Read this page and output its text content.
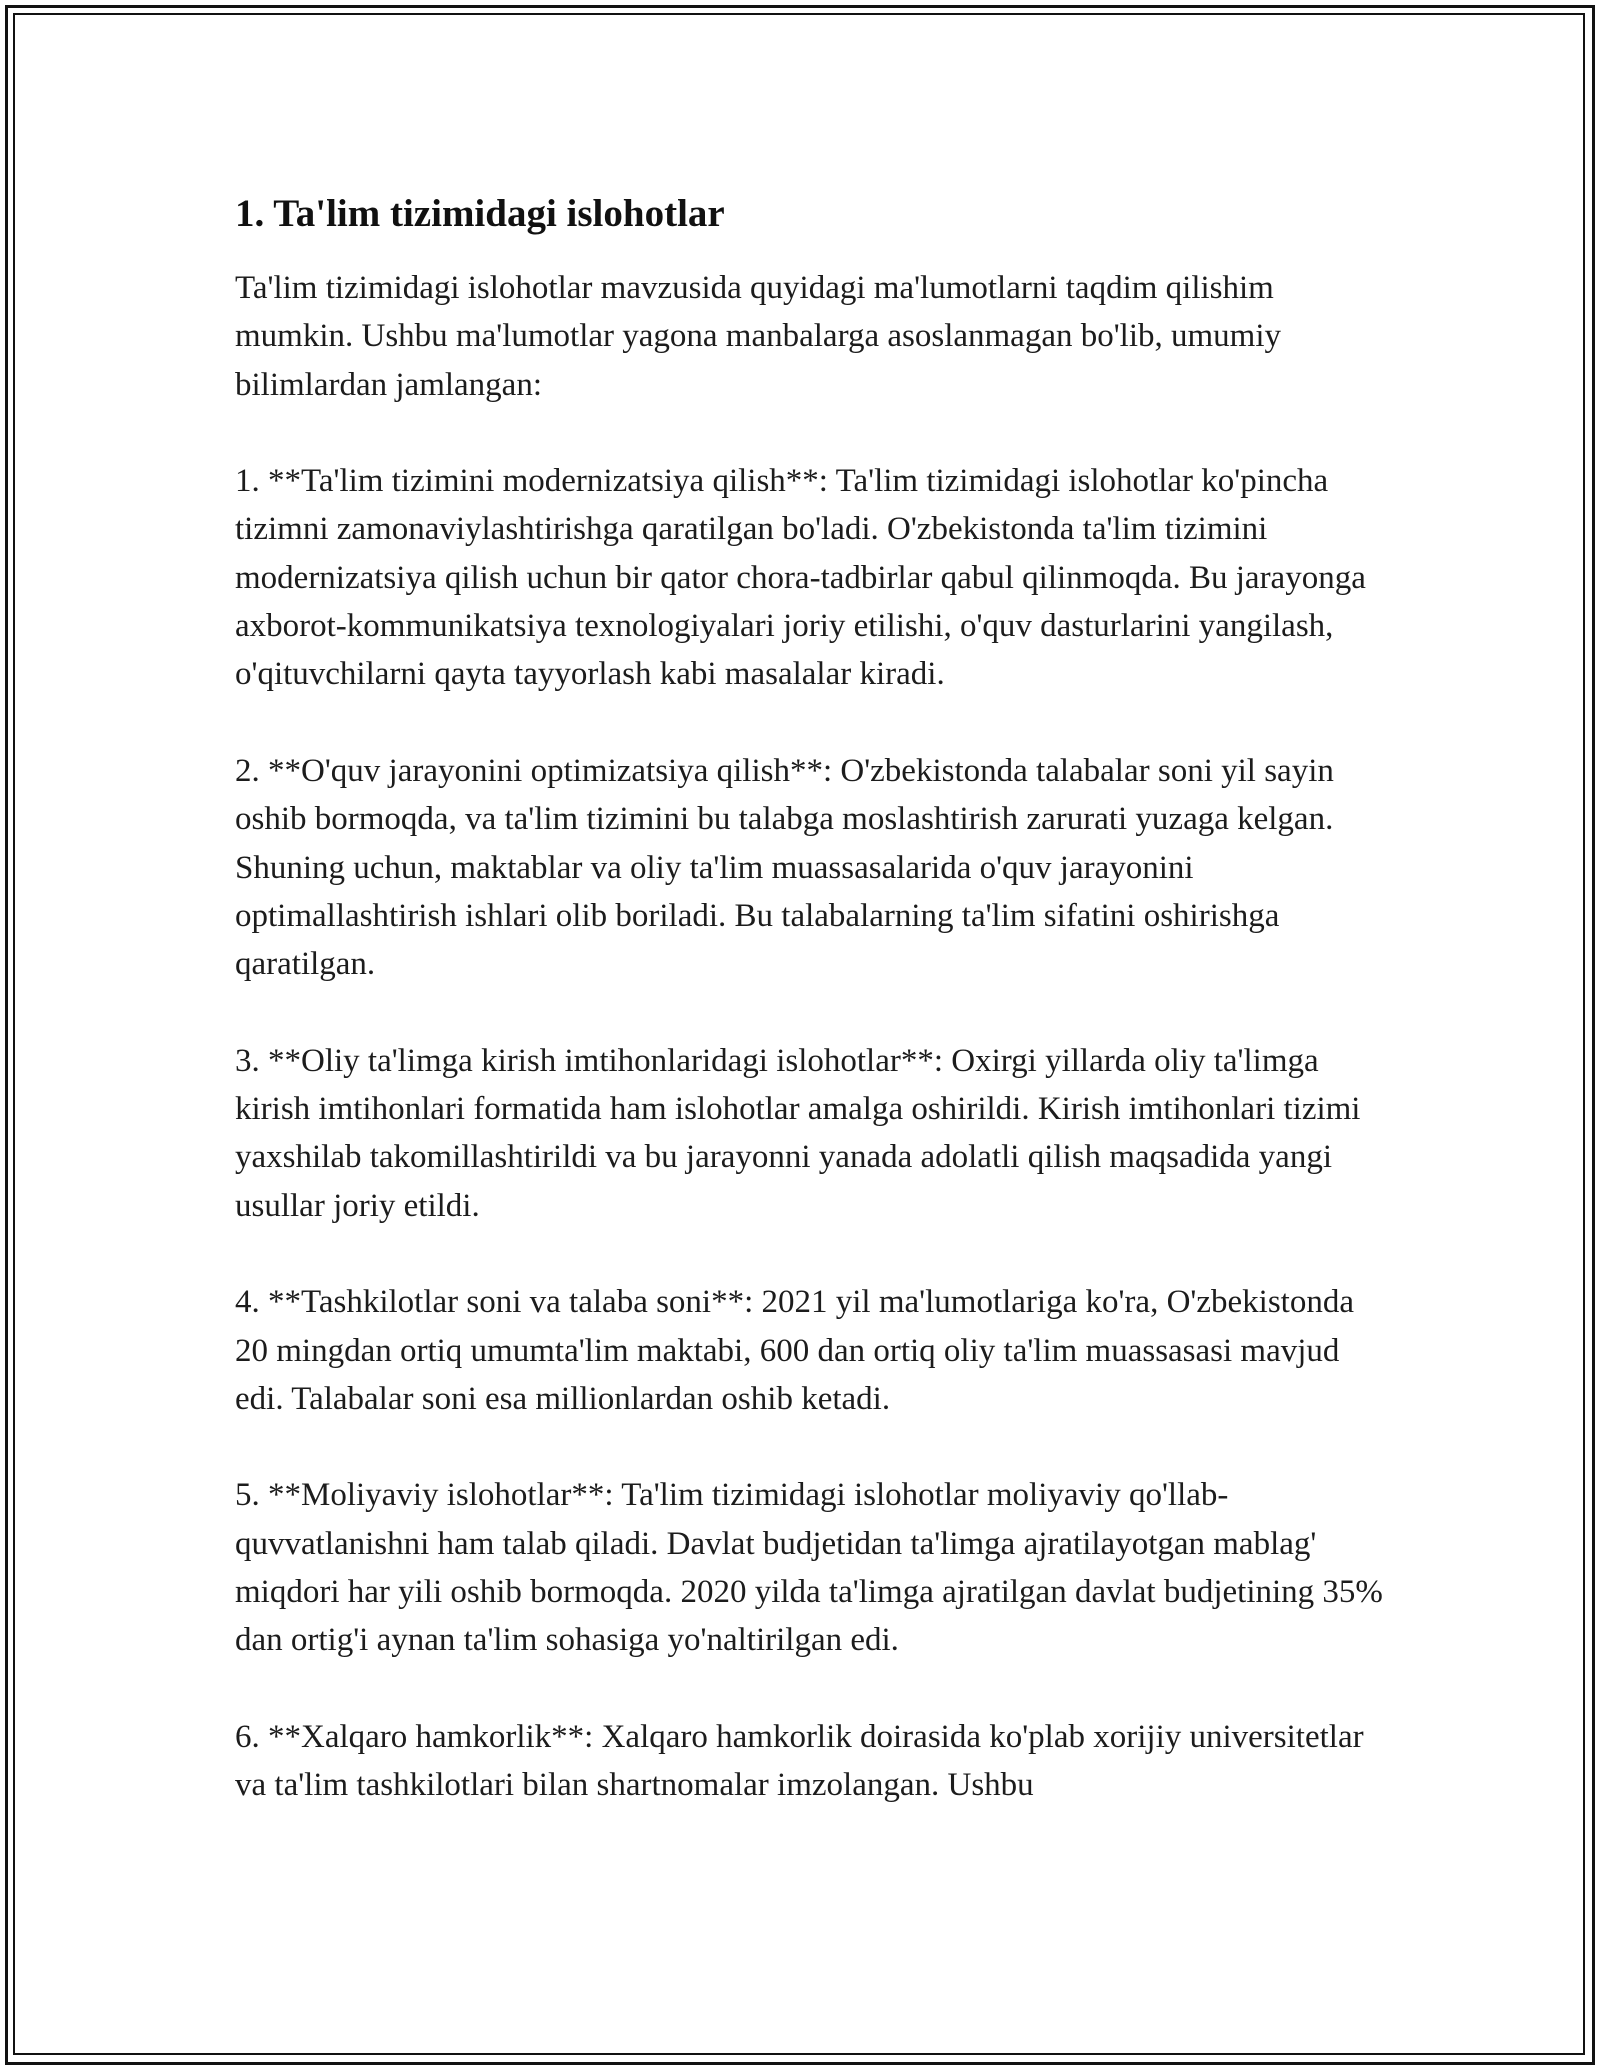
1. Ta'lim tizimidagi islohotlar

Ta'lim tizimidagi islohotlar mavzusida quyidagi ma'lumotlarni taqdim qilishim mumkin. Ushbu ma'lumotlar yagona manbalarga asoslanmagan bo'lib, umumiy bilimlardan jamlangan:

1. **Ta'lim tizimini modernizatsiya qilish**: Ta'lim tizimidagi islohotlar ko'pincha tizimni zamonaviylashtirishga qaratilgan bo'ladi. O'zbekistonda ta'lim tizimini modernizatsiya qilish uchun bir qator chora-tadbirlar qabul qilinmoqda. Bu jarayonga axborot-kommunikatsiya texnologiyalari joriy etilishi, o'quv dasturlarini yangilash, o'qituvchilarni qayta tayyorlash kabi masalalar kiradi.

2. **O'quv jarayonini optimizatsiya qilish**: O'zbekistonda talabalar soni yil sayin oshib bormoqda, va ta'lim tizimini bu talabga moslashtirish zarurati yuzaga kelgan. Shuning uchun, maktablar va oliy ta'lim muassasalarida o'quv jarayonini optimallashtirish ishlari olib boriladi. Bu talabalarning ta'lim sifatini oshirishga qaratilgan.

3. **Oliy ta'limga kirish imtihonlaridagi islohotlar**: Oxirgi yillarda oliy ta'limga kirish imtihonlari formatida ham islohotlar amalga oshirildi. Kirish imtihonlari tizimi yaxshilab takomillashtirildi va bu jarayonni yanada adolatli qilish maqsadida yangi usullar joriy etildi.

4. **Tashkilotlar soni va talaba soni**: 2021 yil ma'lumotlariga ko'ra, O'zbekistonda 20 mingdan ortiq umumta'lim maktabi, 600 dan ortiq oliy ta'lim muassasasi mavjud edi. Talabalar soni esa millionlardan oshib ketadi.

5. **Moliyaviy islohotlar**: Ta'lim tizimidagi islohotlar moliyaviy qo'llab-quvvatlanishni ham talab qiladi. Davlat budjetidan ta'limga ajratilayotgan mablag' miqdori har yili oshib bormoqda. 2020 yilda ta'limga ajratilgan davlat budjetining 35% dan ortig'i aynan ta'lim sohasiga yo'naltirilgan edi.

6. **Xalqaro hamkorlik**: Xalqaro hamkorlik doirasida ko'plab xorijiy universitetlar va ta'lim tashkilotlari bilan shartnomalar imzolangan. Ushbu
